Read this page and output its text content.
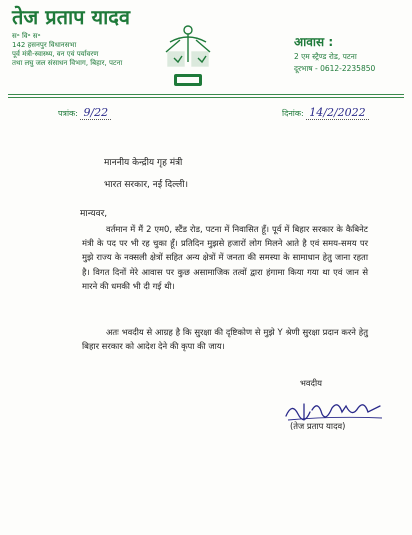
तेज प्रताप यादव
स॰ वि॰ स॰
142 हसनपुर विधानसभा
पूर्व मंत्री-स्वास्थ्य, वन एवं पर्यावरण
तथा लघु जल संसाधन विभाग, बिहार, पटना
आवास :
2 एम स्ट्रैण्ड रोड, पटना
दूरभाष - 0612-2235850
पत्रांक: 9/22	दिनांक: 14/2/2022
माननीय केन्द्रीय गृह मंत्री
भारत सरकार, नई दिल्ली।
मान्यवर,
वर्तमान में मैं 2 एम0, स्टैंड रोड, पटना में निवासित हूँ। पूर्व में बिहार सरकार के कैबिनेट मंत्री के पद पर भी रह चुका हूँ। प्रतिदिन मुझसे हजारों लोग मिलने आते है एवं समय-समय पर मुझे राज्य के नक्सली क्षेत्रों सहित अन्य क्षेत्रों में जनता की समस्या के सामाधान हेतु जाना रहता है। विगत दिनों मेरे आवास पर कुछ असामाजिक तत्वों द्वारा हंगामा किया गया था एवं जान से मारने की धमकी भी दी गई थी।
अतः भवदीय से आग्रह है कि सुरक्षा की दृष्टिकोण से मुझे Y श्रेणी सुरक्षा प्रदान करने हेतु बिहार सरकार को आदेश देने की कृपा की जाय।
भवदीय
(तेज प्रताप यादव)
